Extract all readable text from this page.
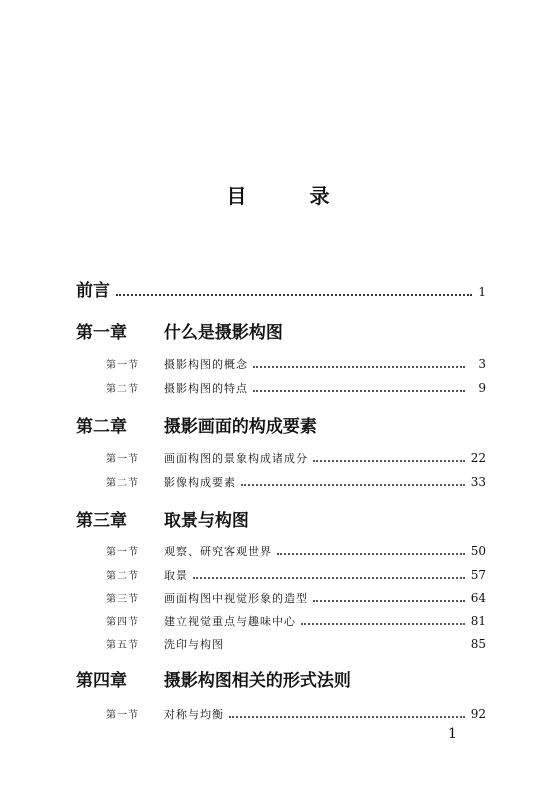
目 录
前言	1
第一章 什么是摄影构图
第一节	摄影构图的概念	3
第二节	摄影构图的特点	9
第二章 摄影画面的构成要素
第一节	画面构图的景象构成诸成分	22
第二节	影像构成要素	33
第三章 取景与构图
第一节	观察、研究客观世界	50
第二节	取景	57
第三节	画面构图中视觉形象的造型	64
第四节	建立视觉重点与趣味中心	81
第五节	洗印与构图	85
第四章 摄影构图相关的形式法则
第一节	对称与均衡	92
1
